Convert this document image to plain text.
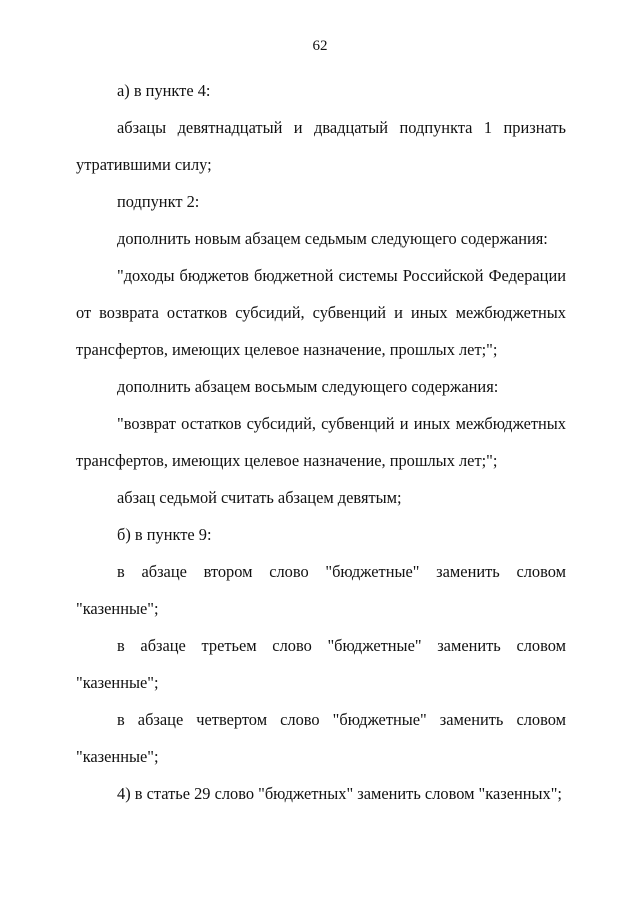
62

а) в пункте 4:

абзацы девятнадцатый и двадцатый подпункта 1 признать утратившими силу;

подпункт 2:

дополнить новым абзацем седьмым следующего содержания:

"доходы бюджетов бюджетной системы Российской Федерации от возврата остатков субсидий, субвенций и иных межбюджетных трансфертов, имеющих целевое назначение, прошлых лет;";

дополнить абзацем восьмым следующего содержания:

"возврат остатков субсидий, субвенций и иных межбюджетных трансфертов, имеющих целевое назначение, прошлых лет;";

абзац седьмой считать абзацем девятым;

б) в пункте 9:

в абзаце втором слово "бюджетные" заменить словом "казенные";

в абзаце третьем слово "бюджетные" заменить словом "казенные";

в абзаце четвертом слово "бюджетные" заменить словом "казенные";

4) в статье 29 слово "бюджетных" заменить словом "казенных";
